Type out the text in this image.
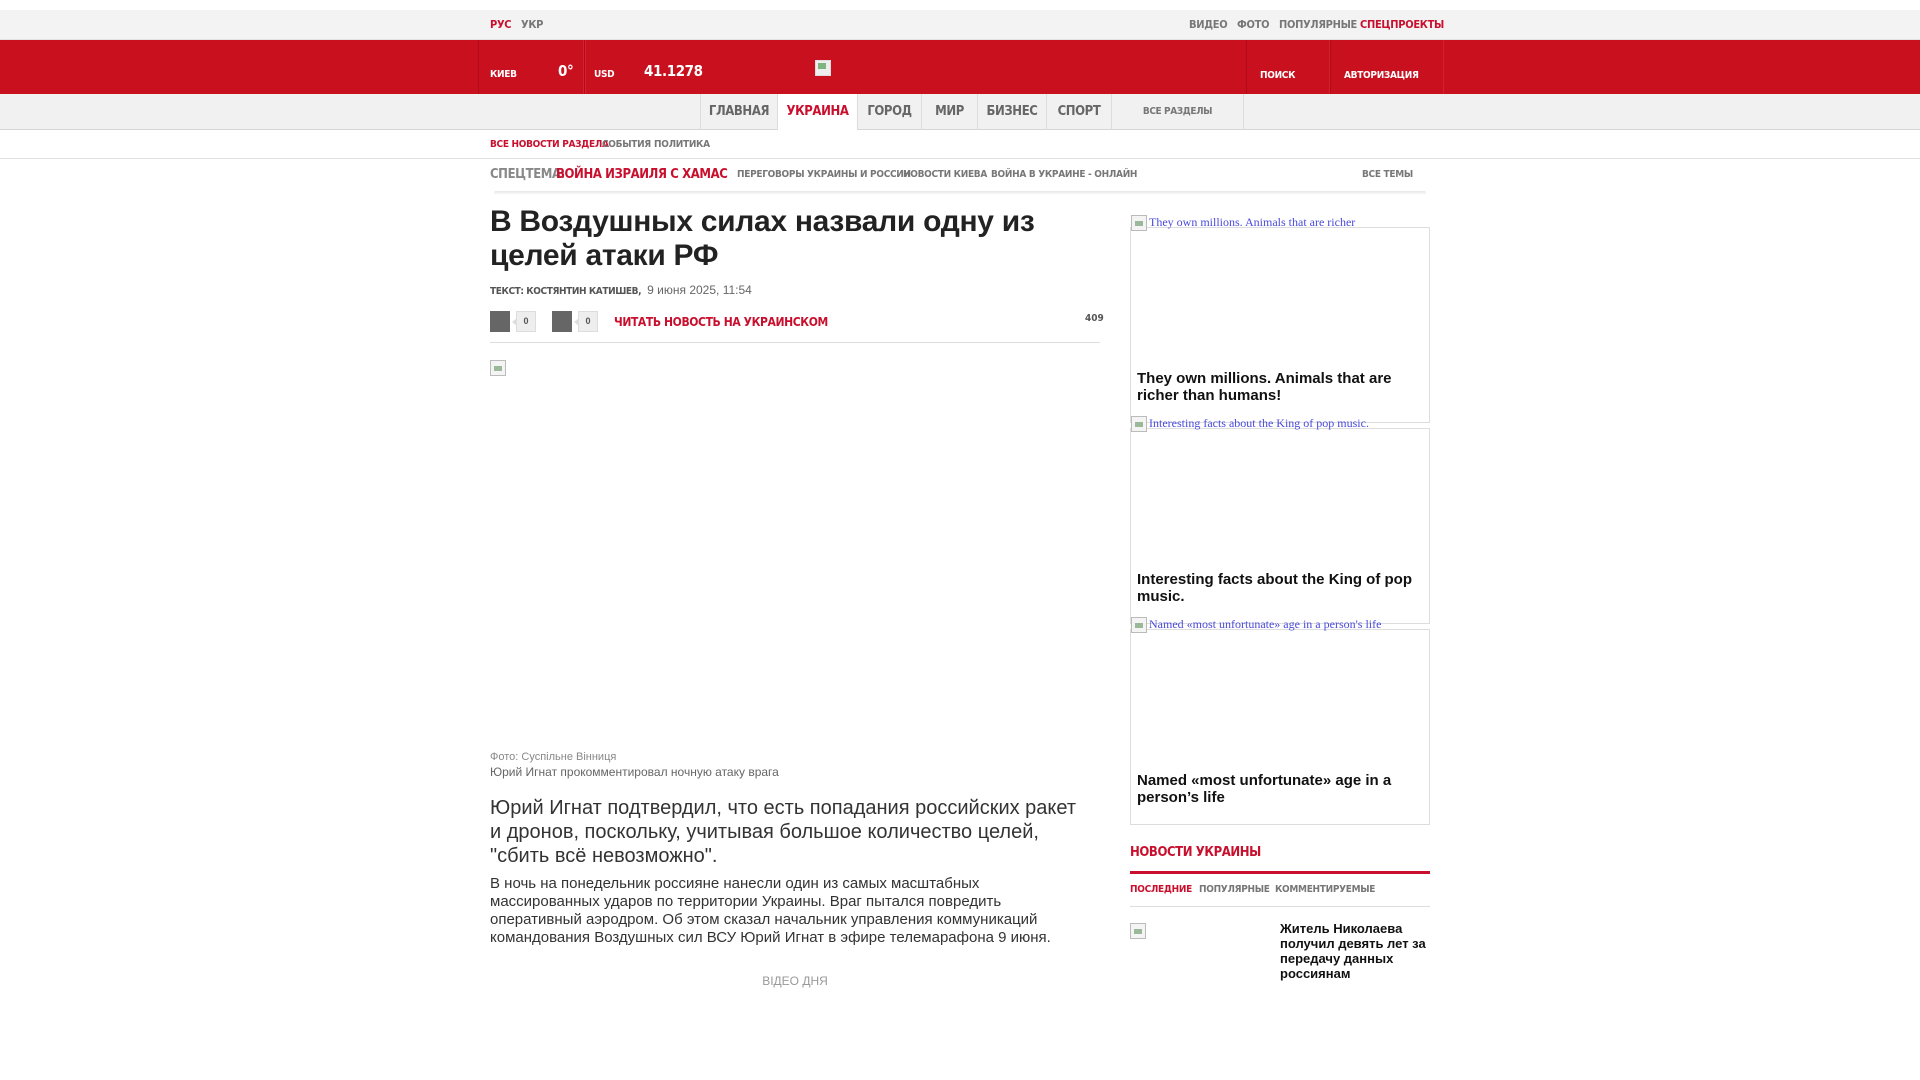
РУС УКР	ВИДЕО ФОТО ПОПУЛЯРНЫЕ СПЕЦПРОЕКТЫ
КИЕВ	0° USD 41.1278	ПОИСК	АВТОРИЗАЦИЯ
ГЛАВНАЯ	УКРАИНА	ГОРОД	МИР	БИЗНЕС	СПОРТ	ВСЕ РАЗДЕЛЫ
ВСЕ НОВОСТИ РАЗДЕЛА
СОБЫТИЯ ПОЛИТИКА
СПЕЦТЕМА:
ВОЙНА ИЗРАИЛЯ С ХАМАС ПЕРЕГОВОРЫ УКРАИНЫ И РОССИИ
НОВОСТИ КИЕВА ВОЙНА В УКРАИНЕ - ОНЛАЙН	ВСЕ ТЕМЫ
В Воздушных силах назвали одну из целей атаки РФ
ТЕКСТ: КОСТЯНТИН КАТИШЕВ, 9 июня 2025, 11:54
0	0	ЧИТАТЬ НОВОСТЬ НА УКРАИНСКОМ	409
Фото: Суспільне Вінниця
Юрий Игнат прокомментировал ночную атаку врага

Юрий Игнат подтвердил, что есть попадания российских ракет и дронов, поскольку, учитывая большое количество целей, "сбить всё невозможно".

В ночь на понедельник россияне нанесли один из самых масштабных массированных ударов по территории Украины. Враг пытался повредить оперативный аэродром. Об этом сказал начальник управления коммуникаций командования Воздушных сил ВСУ Юрий Игнат в эфире телемарафона 9 июня.

ВІДЕО ДНЯ
They own millions. Animals that are richer
They own millions. Animals that are richer than humans!
Interesting facts about the King of pop music.
Interesting facts about the King of pop music.
Named «most unfortunate» age in a person's life
Named «most unfortunate» age in a person’s life
НОВОСТИ УКРАИНЫ
ПОСЛЕДНИЕ ПОПУЛЯРНЫЕ КОММЕНТИРУЕМЫЕ
Житель Николаева получил девять лет за передачу данных россиянам
